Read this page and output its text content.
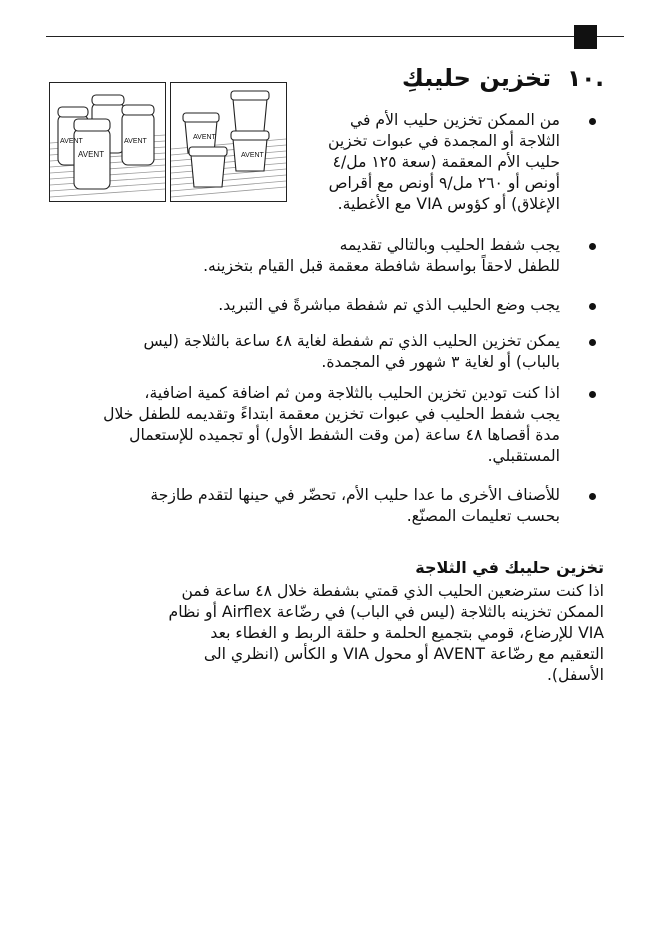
.١٠
تخزين حليبكِ
AVENT	AVENT
AVENT
AVENT
AVENT
من الممكن تخزين حليب الأم في
الثلاجة أو المجمدة في عبوات تخزين
حليب الأم المعقمة (سعة ١٢٥ مل/٤
أونص أو ٢٦٠ مل/٩ أونص مع أقراص
الإغلاق) أو كؤوس VIA مع الأغطية.
يجب شفط الحليب وبالتالي تقديمه
للطفل لاحقاً بواسطة شافطة معقمة قبل القيام بتخزينه.
يجب وضع الحليب الذي تم شفطة مباشرةً في التبريد.
يمكن تخزين الحليب الذي تم شفطة لغاية ٤٨ ساعة بالثلاجة (ليس
بالباب) أو لغاية ٣ شهور في المجمدة.
اذا كنت تودين تخزين الحليب بالثلاجة ومن ثم اضافة كمية اضافية،
يجب شفط الحليب في عبوات تخزين معقمة ابتداءً وتقديمه للطفل خلال
مدة أقصاها ٤٨ ساعة (من وقت الشفط الأول) أو تجميده للإستعمال
المستقبلي.
للأصناف الأخرى ما عدا حليب الأم، تحضّر في حينها لتقدم طازجة
بحسب تعليمات المصنّع.
تخزين حليبك في الثلاجة
اذا كنت سترضعين الحليب الذي قمتي بشفطة خلال ٤٨ ساعة فمن
الممكن تخزينه بالثلاجة (ليس في الباب) في رضّاعة Airflex أو نظام
VIA للإرضاع، قومي بتجميع الحلمة و حلقة الربط و الغطاء بعد
التعقيم مع رضّاعة AVENT أو محول VIA و الكأس (انظري الى
الأسفل).
